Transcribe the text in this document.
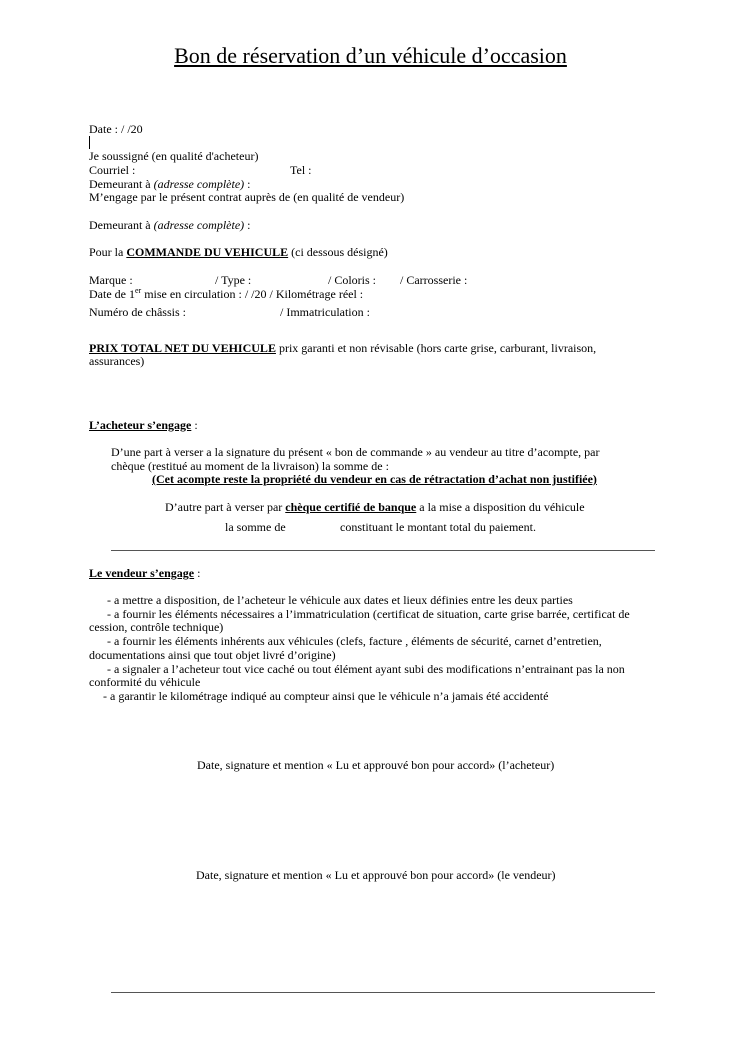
Bon de réservation d’un véhicule d’occasion
Date : / /20
Je soussigné (en qualité d'acheteur)
Courriel :	Tel :
Demeurant à (adresse complète) :
M’engage par le présent contrat auprès de (en qualité de vendeur)
Demeurant à (adresse complète) :
Pour la COMMANDE DU VEHICULE (ci dessous désigné)
Marque :	/ Type :	/ Coloris : / Carrosserie :
Date de 1er mise en circulation : / /20 / Kilométrage réel :
Numéro de châssis :	/ Immatriculation :
PRIX TOTAL NET DU VEHICULE prix garanti et non révisable (hors carte grise, carburant, livraison,
assurances)
L’acheteur s’engage :
D’une part à verser a la signature du présent « bon de commande » au vendeur au titre d’acompte, par
chèque (restitué au moment de la livraison) la somme de :
(Cet acompte reste la propriété du vendeur en cas de rétractation d’achat non justifiée)
D’autre part à verser par chèque certifié de banque a la mise a disposition du véhicule
la somme de	constituant le montant total du paiement.
Le vendeur s’engage :
- a mettre a disposition, de l’acheteur le véhicule aux dates et lieux définies entre les deux parties
- a fournir les éléments nécessaires a l’immatriculation (certificat de situation, carte grise barrée, certificat de
cession, contrôle technique)
- a fournir les éléments inhérents aux véhicules (clefs, facture , éléments de sécurité, carnet d’entretien,
documentations ainsi que tout objet livré d’origine)
- a signaler a l’acheteur tout vice caché ou tout élément ayant subi des modifications n’entrainant pas la non
conformité du véhicule
- a garantir le kilométrage indiqué au compteur ainsi que le véhicule n’a jamais été accidenté
Date, signature et mention « Lu et approuvé bon pour accord» (l’acheteur)
Date, signature et mention « Lu et approuvé bon pour accord» (le vendeur)
